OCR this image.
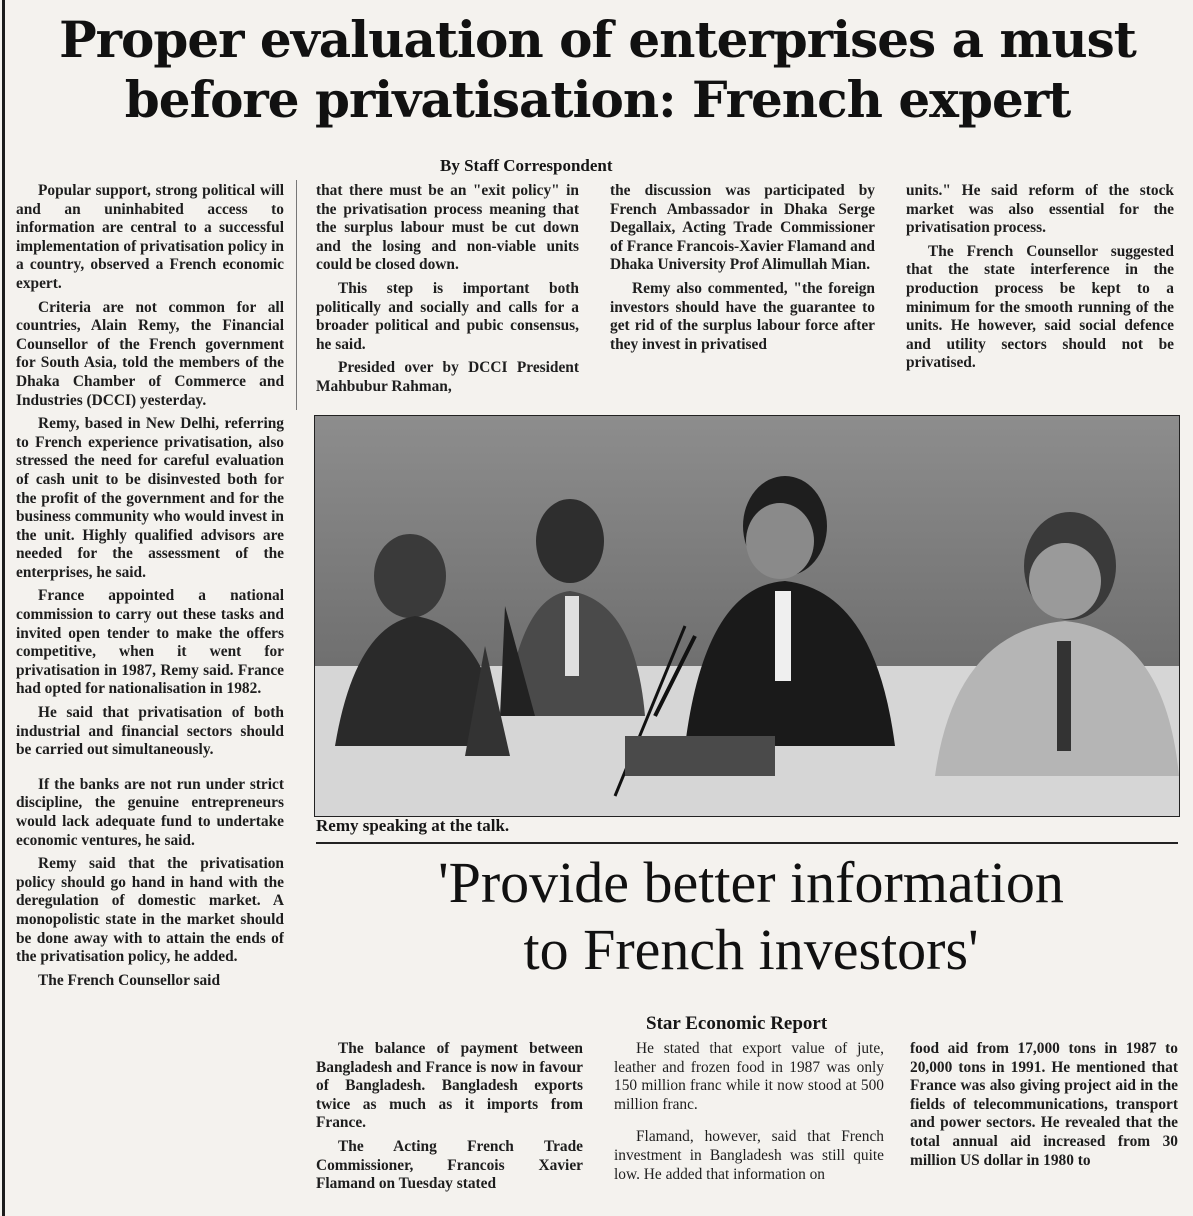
Proper evaluation of enterprises a must
before privatisation: French expert
By Staff Correspondent

Popular support, strong political will and an uninhabited access to information are central to a successful implementation of privatisation policy in a country, observed a French economic expert.

Criteria are not common for all countries, Alain Remy, the Financial Counsellor of the French government for South Asia, told the members of the Dhaka Chamber of Commerce and Industries (DCCI) yesterday.

Remy, based in New Delhi, referring to French experience privatisation, also stressed the need for careful evaluation of cash unit to be disinvested both for the profit of the government and for the business community who would invest in the unit. Highly qualified advisors are needed for the assessment of the enterprises, he said.

France appointed a national commission to carry out these tasks and invited open tender to make the offers competitive, when it went for privatisation in 1987, Remy said. France had opted for nationalisation in 1982.

He said that privatisation of both industrial and financial sectors should be carried out simultaneously.

If the banks are not run under strict discipline, the genuine entrepreneurs would lack adequate fund to undertake economic ventures, he said.

Remy said that the privatisation policy should go hand in hand with the deregulation of domestic market. A monopolistic state in the market should be done away with to attain the ends of the privatisation policy, he added.

The French Counsellor said

that there must be an "exit policy" in the privatisation process meaning that the surplus labour must be cut down and the losing and non-viable units could be closed down.

This step is important both politically and socially and calls for a broader political and pubic consensus, he said.

Presided over by DCCI President Mahbubur Rahman,

the discussion was participated by French Ambassador in Dhaka Serge Degallaix, Acting Trade Commissioner of France Francois-Xavier Flamand and Dhaka University Prof Alimullah Mian.

Remy also commented, "the foreign investors should have the guarantee to get rid of the surplus labour force after they invest in privatised

units." He said reform of the stock market was also essential for the privatisation process.

The French Counsellor suggested that the state interference in the production process be kept to a minimum for the smooth running of the units. He however, said social defence and utility sectors should not be privatised.

Remy speaking at the talk.
'Provide better information
to French investors'
Star Economic Report

The balance of payment between Bangladesh and France is now in favour of Bangladesh. Bangladesh exports twice as much as it imports from France.

The Acting French Trade Commissioner, Francois Xavier Flamand on Tuesday stated

He stated that export value of jute, leather and frozen food in 1987 was only 150 million franc while it now stood at 500 million franc.

Flamand, however, said that French investment in Bangladesh was still quite low. He added that information on

food aid from 17,000 tons in 1987 to 20,000 tons in 1991. He mentioned that France was also giving project aid in the fields of telecommunications, transport and power sectors. He revealed that the total annual aid increased from 30 million US dollar in 1980 to
